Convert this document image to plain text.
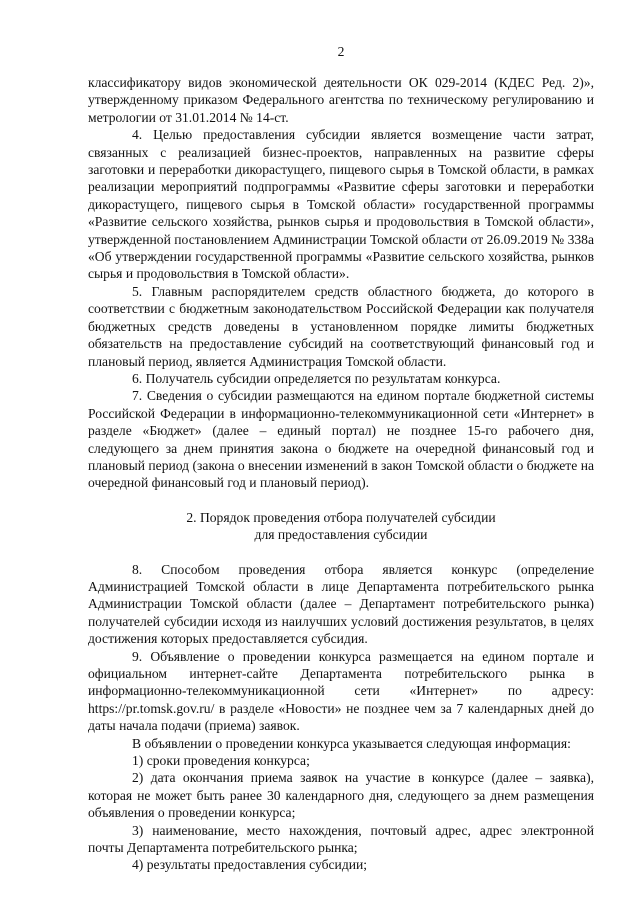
2

классификатору видов экономической деятельности ОК 029-2014 (КДЕС Ред. 2)», утвержденному приказом Федерального агентства по техническому регулированию и метрологии от 31.01.2014 № 14-ст.

4. Целью предоставления субсидии является возмещение части затрат, связанных с реализацией бизнес-проектов, направленных на развитие сферы заготовки и переработки дикорастущего, пищевого сырья в Томской области, в рамках реализации мероприятий подпрограммы «Развитие сферы заготовки и переработки дикорастущего, пищевого сырья в Томской области» государственной программы «Развитие сельского хозяйства, рынков сырья и продовольствия в Томской области», утвержденной постановлением Администрации Томской области от 26.09.2019 № 338а «Об утверждении государственной программы «Развитие сельского хозяйства, рынков сырья и продовольствия в Томской области».

5. Главным распорядителем средств областного бюджета, до которого в соответствии с бюджетным законодательством Российской Федерации как получателя бюджетных средств доведены в установленном порядке лимиты бюджетных обязательств на предоставление субсидий на соответствующий финансовый год и плановый период, является Администрация Томской области.

6. Получатель субсидии определяется по результатам конкурса.

7. Сведения о субсидии размещаются на едином портале бюджетной системы Российской Федерации в информационно-телекоммуникационной сети «Интернет» в разделе «Бюджет» (далее – единый портал) не позднее 15-го рабочего дня, следующего за днем принятия закона о бюджете на очередной финансовый год и плановый период (закона о внесении изменений в закон Томской области о бюджете на очередной финансовый год и плановый период).

2. Порядок проведения отбора получателей субсидии
для предоставления субсидии

8. Способом проведения отбора является конкурс (определение Администрацией Томской области в лице Департамента потребительского рынка Администрации Томской области (далее – Департамент потребительского рынка) получателей субсидии исходя из наилучших условий достижения результатов, в целях достижения которых предоставляется субсидия.

9. Объявление о проведении конкурса размещается на едином портале и официальном интернет-сайте Департамента потребительского рынка в информационно-телекоммуникационной сети «Интернет» по адресу: https://pr.tomsk.gov.ru/ в разделе «Новости» не позднее чем за 7 календарных дней до даты начала подачи (приема) заявок.

В объявлении о проведении конкурса указывается следующая информация:

1) сроки проведения конкурса;

2) дата окончания приема заявок на участие в конкурсе (далее – заявка), которая не может быть ранее 30 календарного дня, следующего за днем размещения объявления о проведении конкурса;

3) наименование, место нахождения, почтовый адрес, адрес электронной почты Департамента потребительского рынка;

4) результаты предоставления субсидии;
